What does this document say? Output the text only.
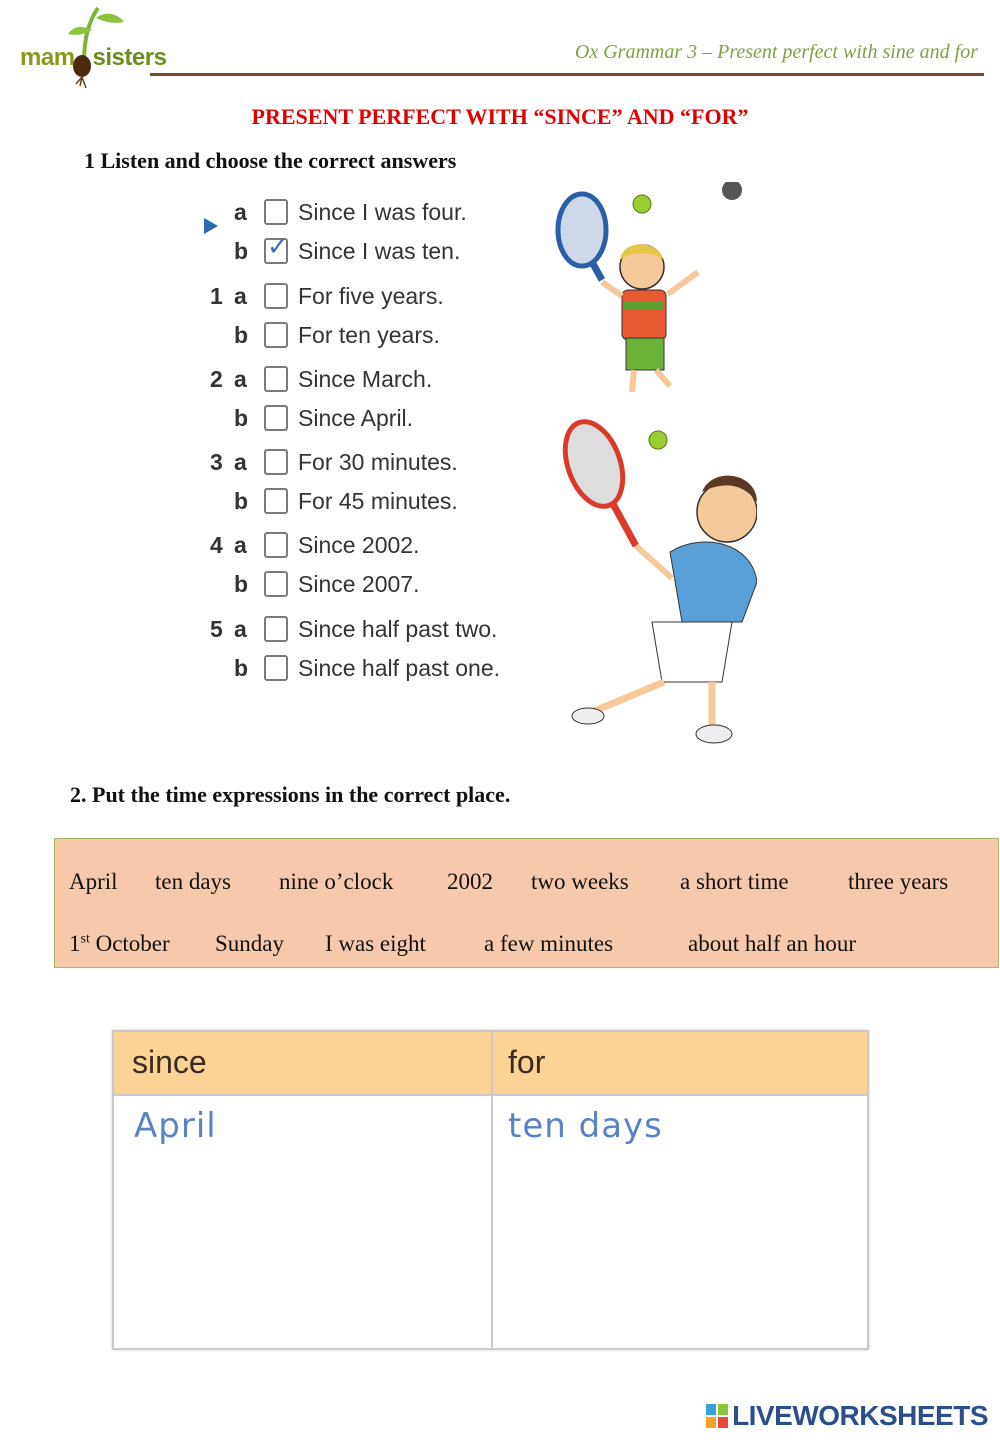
mam sisters	Ox Grammar 3 – Present perfect with sine and for
PRESENT PERFECT WITH “SINCE” AND “FOR”
1 Listen and choose the correct answers
a	Since I was four.
b ✓ Since I was ten.
1 a	For five years.
b	For ten years.
2 a	Since March.
b	Since April.
3 a	For 30 minutes.
b	For 45 minutes.
4 a	Since 2002.
b	Since 2007.
5 a	Since half past two.
b	Since half past one.
2. Put the time expressions in the correct place.
April ten days nine o’clock 2002 two weeks a short time	three years
1st October Sunday I was eight	a few minutes	about half an hour
since	for
April	ten days
LIVEWORKSHEETS
